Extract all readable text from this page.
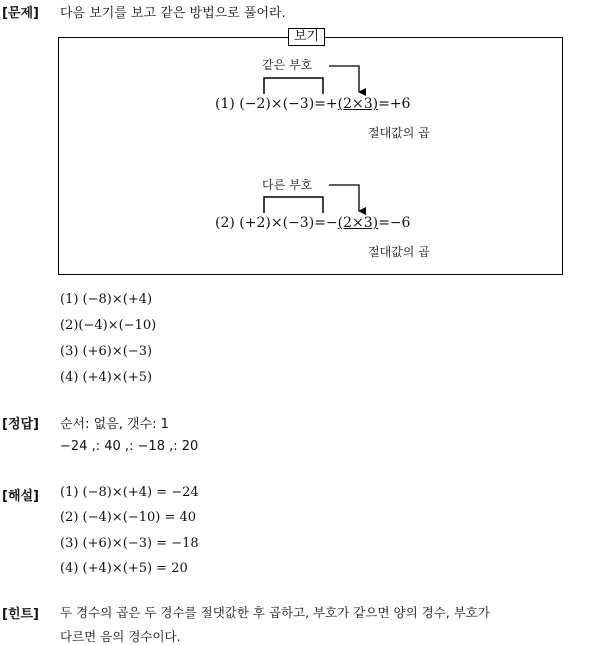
[문제] 다음 보기를 보고 같은 방법으로 풀어라.
보기
같은 부호
(1) (−2)×(−3)=+(2×3)=+6
절대값의 곱
다른 부호
(2) (+2)×(−3)=−(2×3)=−6
절대값의 곱
(1) (−8)×(+4)
(2)(−4)×(−10)
(3) (+6)×(−3)
(4) (+4)×(+5)
[정답] 순서: 없음, 갯수: 1
−24 ,: 40 ,: −18 ,: 20
[해설] (1) (−8)×(+4) = −24
(2) (−4)×(−10) = 40
(3) (+6)×(−3) = −18
(4) (+4)×(+5) = 20
[힌트] 두 경수의 곱은 두 경수를 절댓값한 후 곱하고, 부호가 같으면 양의 경수, 부호가
다르면 음의 경수이다.
